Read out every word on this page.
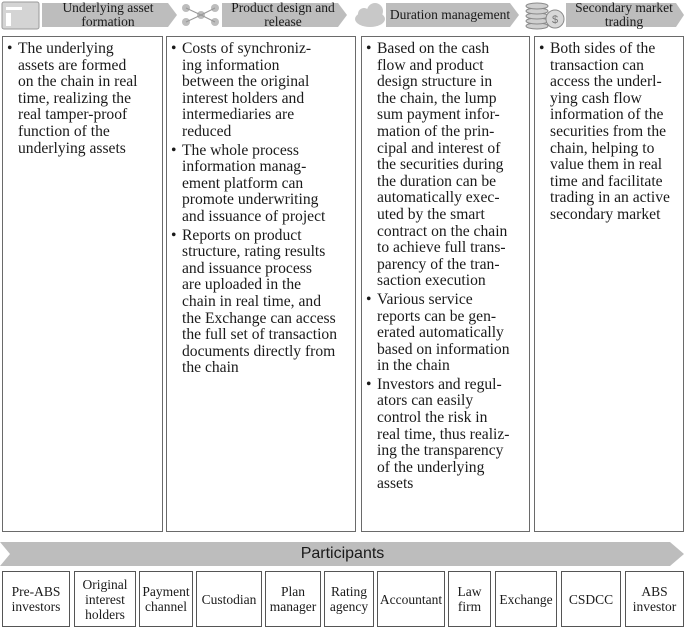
$
Underlying asset
formation
Product design and
release	Duration management	Secondary market
trading
• The underlying
assets are formed
on the chain in real
time, realizing the
real tamper-proof
function of the
underlying assets
• Costs of synchroniz-
ing information
between the original
interest holders and
intermediaries are
reduced
• The whole process
information manag-
ement platform can
promote underwriting
and issuance of project
• Reports on product
structure, rating results
and issuance process
are uploaded in the
chain in real time, and
the Exchange can access
the full set of transaction
documents directly from
the chain
• Based on the cash
flow and product
design structure in
the chain, the lump
sum payment infor-
mation of the prin-
cipal and interest of
the securities during
the duration can be
automatically exec-
uted by the smart
contract on the chain
to achieve full trans-
parency of the tran-
saction execution
• Various service
reports can be gen-
erated automatically
based on information
in the chain
• Investors and regul-
ators can easily
control the risk in
real time, thus realiz-
ing the transparency
of the underlying
assets
• Both sides of the
transaction can
access the underl-
ying cash flow
information of the
securities from the
chain, helping to
value them in real
time and facilitate
trading in an active
secondary market
Participants
Pre-ABS
investors
Original
interest
holders
Payment
channel	Custodian	Plan
manager
Rating
agency Accountant	Law
firm	Exchange	CSDCC	ABS
investor
